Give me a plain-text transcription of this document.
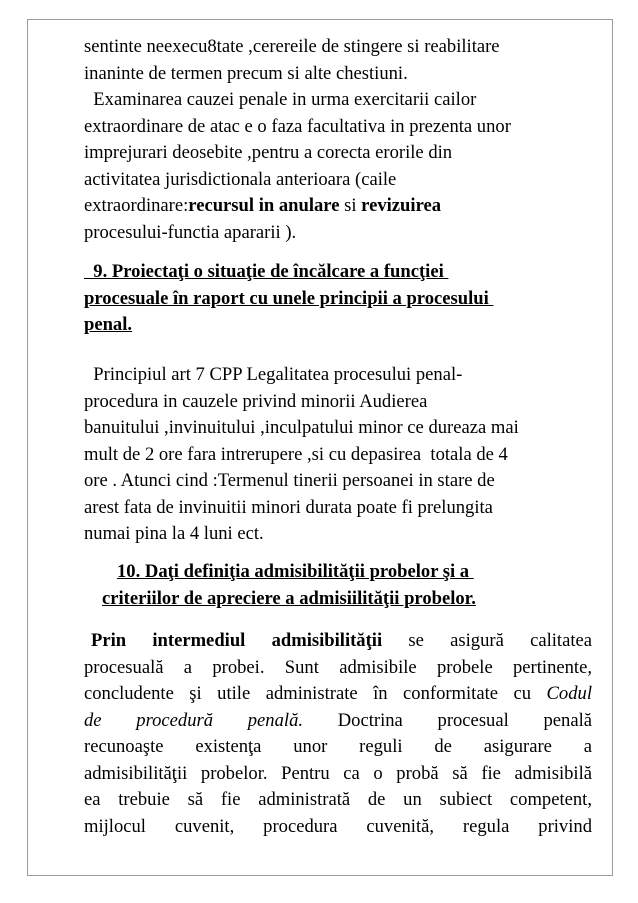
sentinte neexecu8tate ,cerereile de stingere si reabilitare
inaninte de termen precum si alte chestiuni.
Examinarea cauzei penale in urma exercitarii cailor
extraordinare de atac e o faza facultativa in prezenta unor
imprejurari deosebite ,pentru a corecta erorile din
activitatea jurisdictionala anterioara (caile
extraordinare:recursul in anulare si revizuirea
procesului-functia apararii ).
9. Proiectaţi o situaţie de încălcare a funcţiei
procesuale în raport cu unele principii a procesului
penal.
Principiul art 7 CPP Legalitatea procesului penal-
procedura in cauzele privind minorii Audierea
banuitului ,invinuitului ,inculpatului minor ce dureaza mai
mult de 2 ore fara intrerupere ,si cu depasirea  totala de 4
ore . Atunci cind :Termenul tinerii persoanei in stare de
arest fata de invinuitii minori durata poate fi prelungita
numai pina la 4 luni ect.
10. Daţi definiţia admisibilităţii probelor şi a
criteriilor de apreciere a admisiilităţii probelor.
Prin intermediul admisibilităţii se asigură calitatea
procesuală a probei. Sunt admisibile probele pertinente,
concludente şi utile administrate în conformitate cu Codul
de procedură penală. Doctrina procesual penală
recunoaşte existenţa unor reguli de asigurare a
admisibilităţii probelor. Pentru ca o probă să fie admisibilă
ea trebuie să fie administrată de un subiect competent,
mijlocul cuvenit, procedura cuvenită, regula privind
